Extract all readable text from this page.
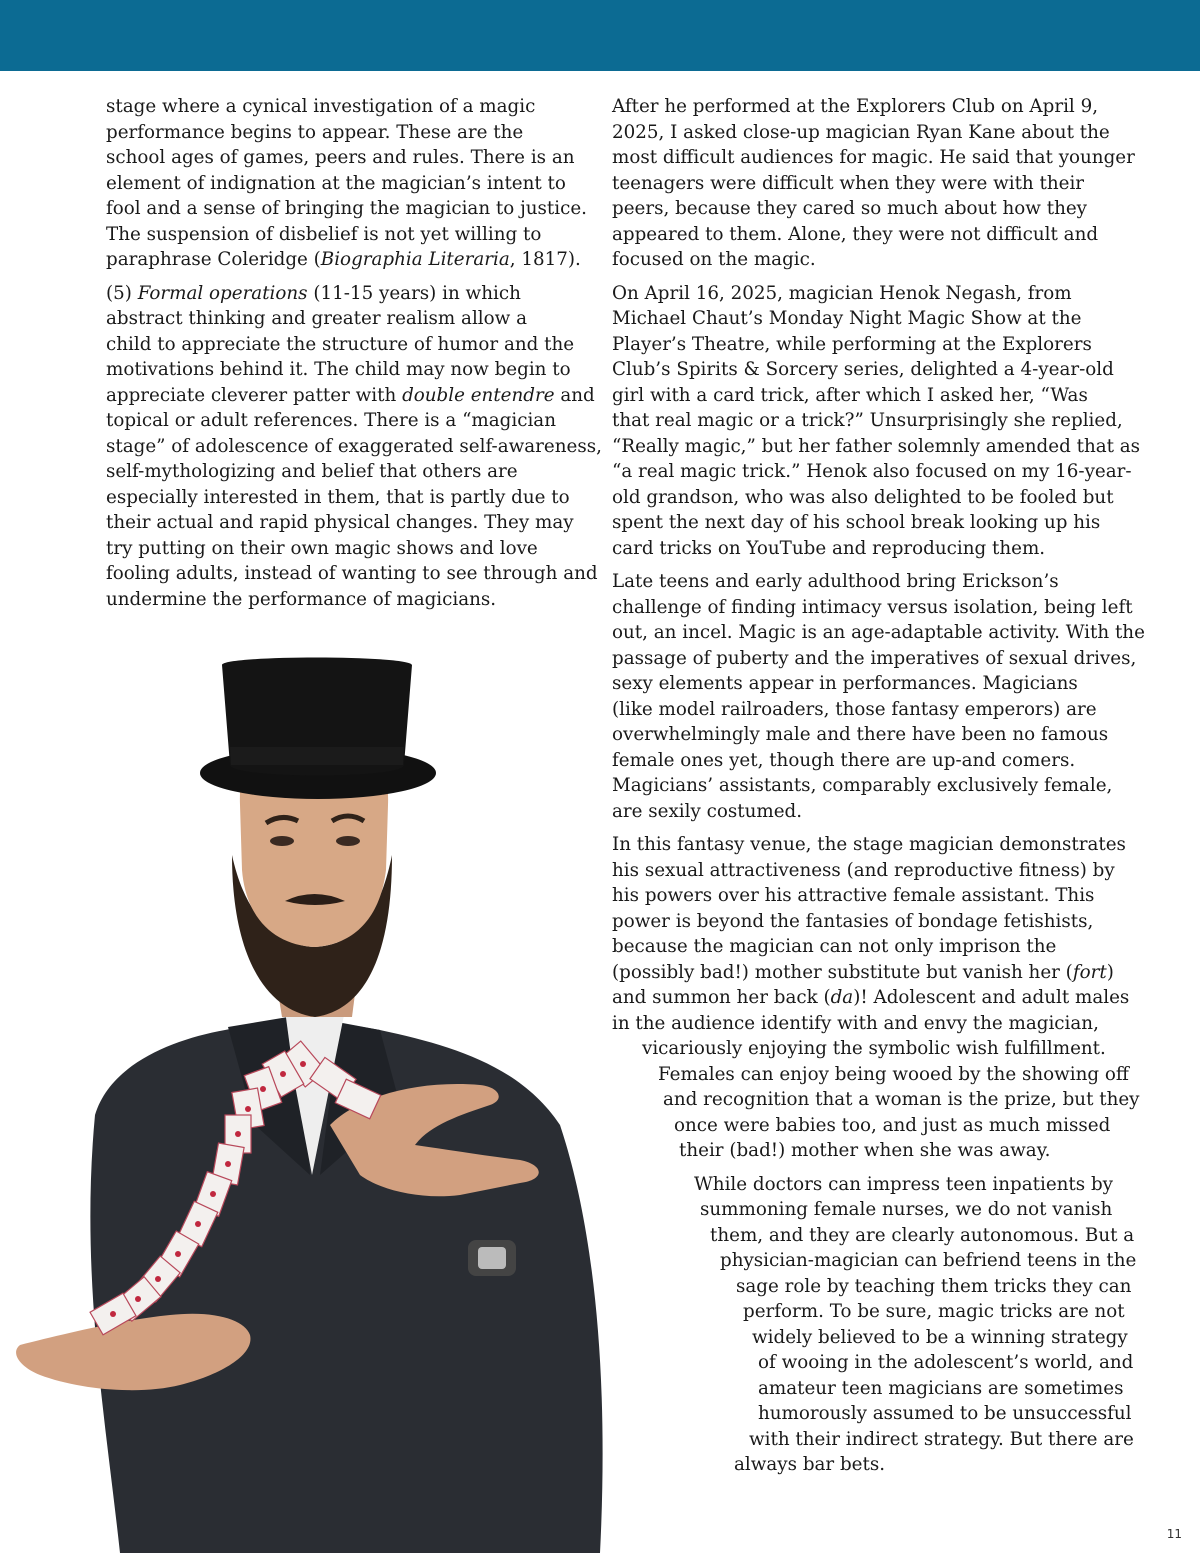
stage where a cynical investigation of a magic
performance begins to appear. These are the
school ages of games, peers and rules. There is an
element of indignation at the magician’s intent to
fool and a sense of bringing the magician to justice.
The suspension of disbelief is not yet willing to
paraphrase Coleridge (Biographia Literaria, 1817).

(5) Formal operations (11-15 years) in which
abstract thinking and greater realism allow a
child to appreciate the structure of humor and the
motivations behind it. The child may now begin to
appreciate cleverer patter with double entendre and
topical or adult references. There is a “magician
stage” of adolescence of exaggerated self-awareness,
self-mythologizing and belief that others are
especially interested in them, that is partly due to
their actual and rapid physical changes. They may
try putting on their own magic shows and love
fooling adults, instead of wanting to see through and
undermine the performance of magicians.

After he performed at the Explorers Club on April 9,
2025, I asked close-up magician Ryan Kane about the
most difficult audiences for magic. He said that younger
teenagers were difficult when they were with their
peers, because they cared so much about how they
appeared to them. Alone, they were not difficult and
focused on the magic.

On April 16, 2025, magician Henok Negash, from
Michael Chaut’s Monday Night Magic Show at the
Player’s Theatre, while performing at the Explorers
Club’s Spirits & Sorcery series, delighted a 4-year-old
girl with a card trick, after which I asked her, “Was
that real magic or a trick?” Unsurprisingly she replied,
“Really magic,” but her father solemnly amended that as
“a real magic trick.” Henok also focused on my 16-year-
old grandson, who was also delighted to be fooled but
spent the next day of his school break looking up his
card tricks on YouTube and reproducing them.

Late teens and early adulthood bring Erickson’s
challenge of finding intimacy versus isolation, being left
out, an incel. Magic is an age-adaptable activity. With the
passage of puberty and the imperatives of sexual drives,
sexy elements appear in performances. Magicians
(like model railroaders, those fantasy emperors) are
overwhelmingly male and there have been no famous
female ones yet, though there are up-and comers.
Magicians’ assistants, comparably exclusively female,
are sexily costumed.

In this fantasy venue, the stage magician demonstrates
his sexual attractiveness (and reproductive fitness) by
his powers over his attractive female assistant. This
power is beyond the fantasies of bondage fetishists,
because the magician can not only imprison the
(possibly bad!) mother substitute but vanish her (fort)
and summon her back (da)! Adolescent and adult males
in the audience identify with and envy the magician,
vicariously enjoying the symbolic wish fulfillment.
Females can enjoy being wooed by the showing off
and recognition that a woman is the prize, but they
once were babies too, and just as much missed
their (bad!) mother when she was away.

While doctors can impress teen inpatients by
summoning female nurses, we do not vanish
them, and they are clearly autonomous. But a
physician-magician can befriend teens in the
sage role by teaching them tricks they can
perform. To be sure, magic tricks are not
widely believed to be a winning strategy
of wooing in the adolescent’s world, and
amateur teen magicians are sometimes
humorously assumed to be unsuccessful
with their indirect strategy. But there are
always bar bets.

11
